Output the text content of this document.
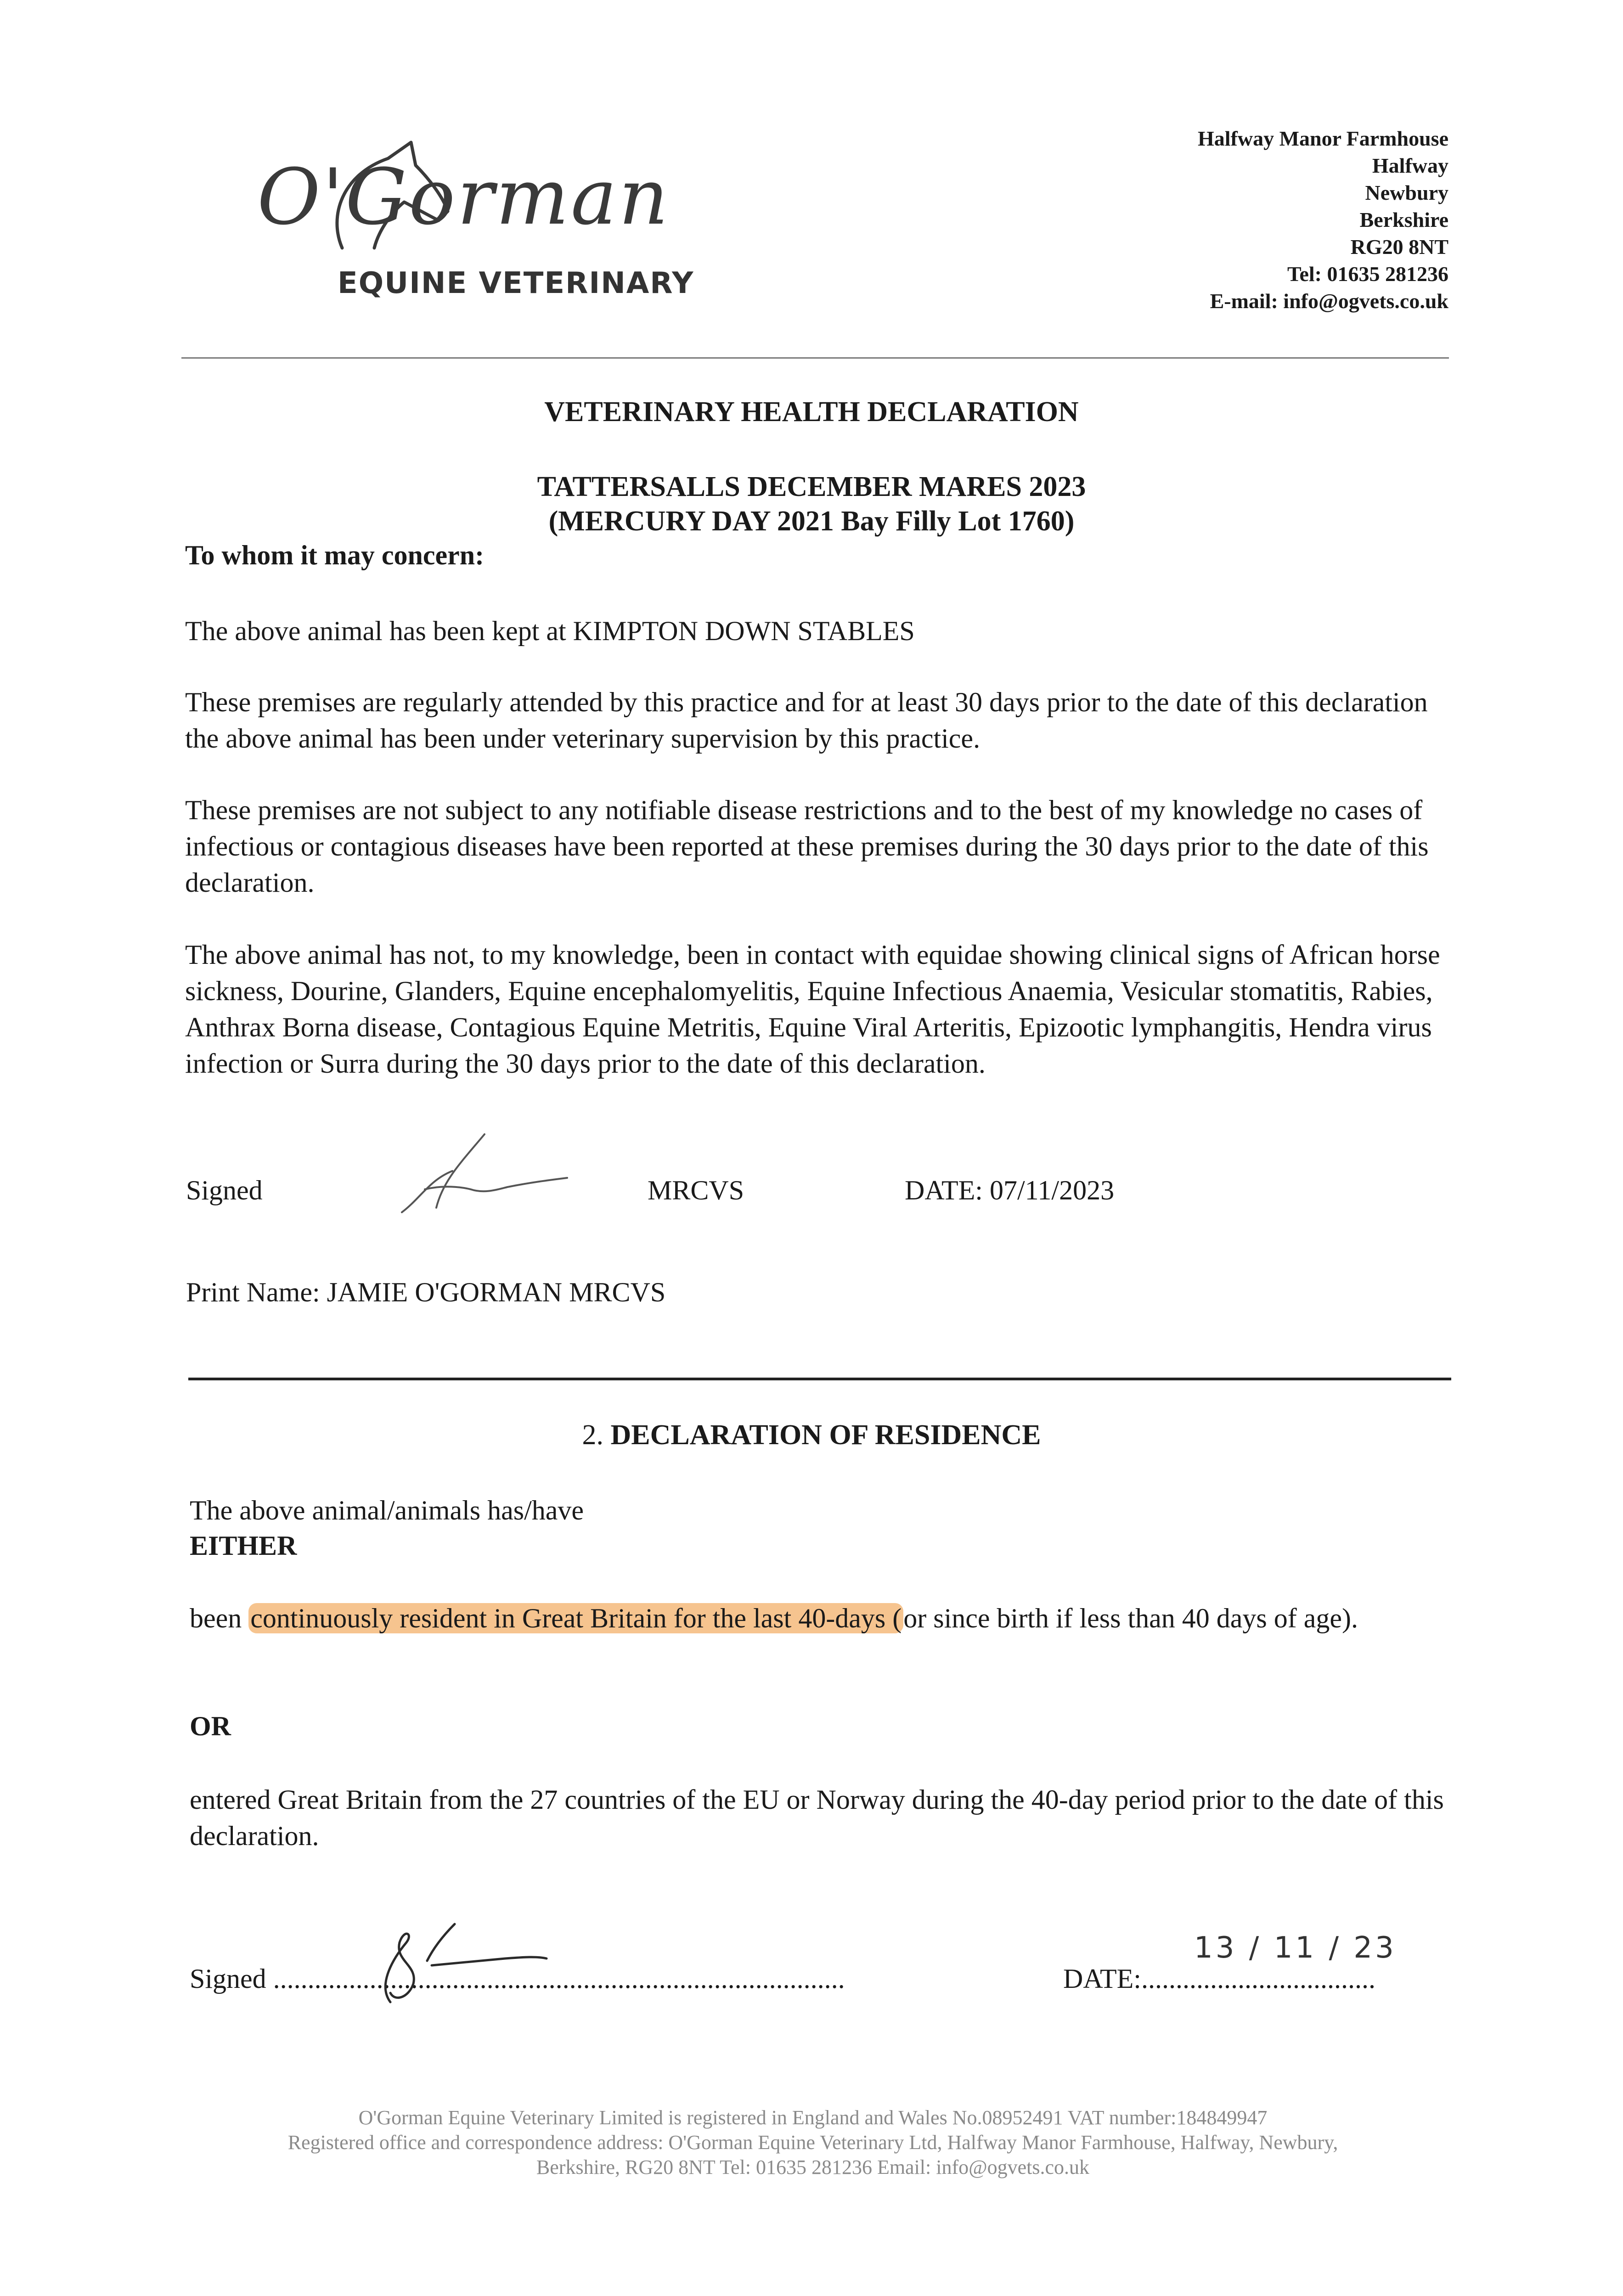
O'Gorman
EQUINE VETERINARY
Halfway Manor Farmhouse
Halfway
Newbury
Berkshire
RG20 8NT
Tel: 01635 281236
E-mail: info@ogvets.co.uk
VETERINARY HEALTH DECLARATION
TATTERSALLS DECEMBER MARES 2023
(MERCURY DAY 2021 Bay Filly Lot 1760)
To whom it may concern:
The above animal has been kept at KIMPTON DOWN STABLES
These premises are regularly attended by this practice and for at least 30 days prior to the date of this declaration the above animal has been under veterinary supervision by this practice.
These premises are not subject to any notifiable disease restrictions and to the best of my knowledge no cases of infectious or contagious diseases have been reported at these premises during the 30 days prior to the date of this declaration.
The above animal has not, to my knowledge, been in contact with equidae showing clinical signs of African horse sickness, Dourine, Glanders, Equine encephalomyelitis, Equine Infectious Anaemia, Vesicular stomatitis, Rabies, Anthrax Borna disease, Contagious Equine Metritis, Equine Viral Arteritis, Epizootic lymphangitis, Hendra virus infection or Surra during the 30 days prior to the date of this declaration.
Signed	MRCVS	DATE: 07/11/2023
Print Name: JAMIE O'GORMAN MRCVS
2. DECLARATION OF RESIDENCE
The above animal/animals has/have
EITHER
been continuously resident in Great Britain for the last 40-days (or since birth if less than 40 days of age).
OR
entered Great Britain from the 27 countries of the EU or Norway during the 40-day period prior to the date of this declaration.
Signed ...................................................................................	DATE:..................................
13 / 11 / 23
O'Gorman Equine Veterinary Limited is registered in England and Wales No.08952491 VAT number:184849947
Registered office and correspondence address: O'Gorman Equine Veterinary Ltd, Halfway Manor Farmhouse, Halfway, Newbury,
Berkshire, RG20 8NT Tel: 01635 281236 Email: info@ogvets.co.uk
